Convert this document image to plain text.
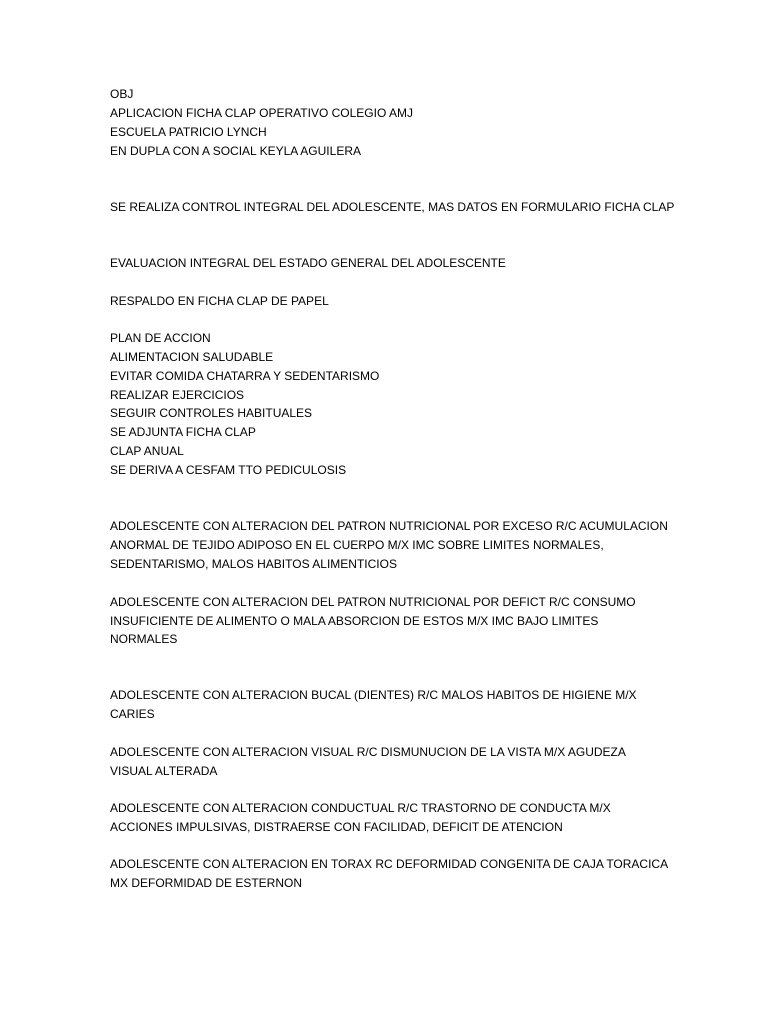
OBJ
APLICACION FICHA CLAP OPERATIVO COLEGIO AMJ
ESCUELA PATRICIO LYNCH
EN DUPLA CON A SOCIAL KEYLA AGUILERA
SE REALIZA CONTROL INTEGRAL DEL ADOLESCENTE, MAS DATOS EN FORMULARIO FICHA CLAP
EVALUACION INTEGRAL DEL ESTADO GENERAL DEL ADOLESCENTE
RESPALDO EN FICHA CLAP DE PAPEL
PLAN DE ACCION
ALIMENTACION SALUDABLE
EVITAR COMIDA CHATARRA Y SEDENTARISMO
REALIZAR EJERCICIOS
SEGUIR CONTROLES HABITUALES
SE ADJUNTA FICHA CLAP
CLAP ANUAL
SE DERIVA A CESFAM TTO PEDICULOSIS
ADOLESCENTE CON ALTERACION DEL PATRON NUTRICIONAL POR EXCESO R/C ACUMULACION
ANORMAL DE TEJIDO ADIPOSO EN EL CUERPO M/X IMC SOBRE LIMITES NORMALES,
SEDENTARISMO, MALOS HABITOS ALIMENTICIOS
ADOLESCENTE CON ALTERACION DEL PATRON NUTRICIONAL POR DEFICT R/C CONSUMO
INSUFICIENTE DE ALIMENTO O MALA ABSORCION DE ESTOS M/X IMC BAJO LIMITES
NORMALES
ADOLESCENTE CON ALTERACION BUCAL (DIENTES) R/C MALOS HABITOS DE HIGIENE M/X
CARIES
ADOLESCENTE CON ALTERACION VISUAL R/C DISMUNUCION DE LA VISTA M/X AGUDEZA
VISUAL ALTERADA
ADOLESCENTE CON ALTERACION CONDUCTUAL R/C TRASTORNO DE CONDUCTA M/X
ACCIONES IMPULSIVAS, DISTRAERSE CON FACILIDAD, DEFICIT DE ATENCION
ADOLESCENTE CON ALTERACION EN TORAX RC DEFORMIDAD CONGENITA DE CAJA TORACICA
MX DEFORMIDAD DE ESTERNON
